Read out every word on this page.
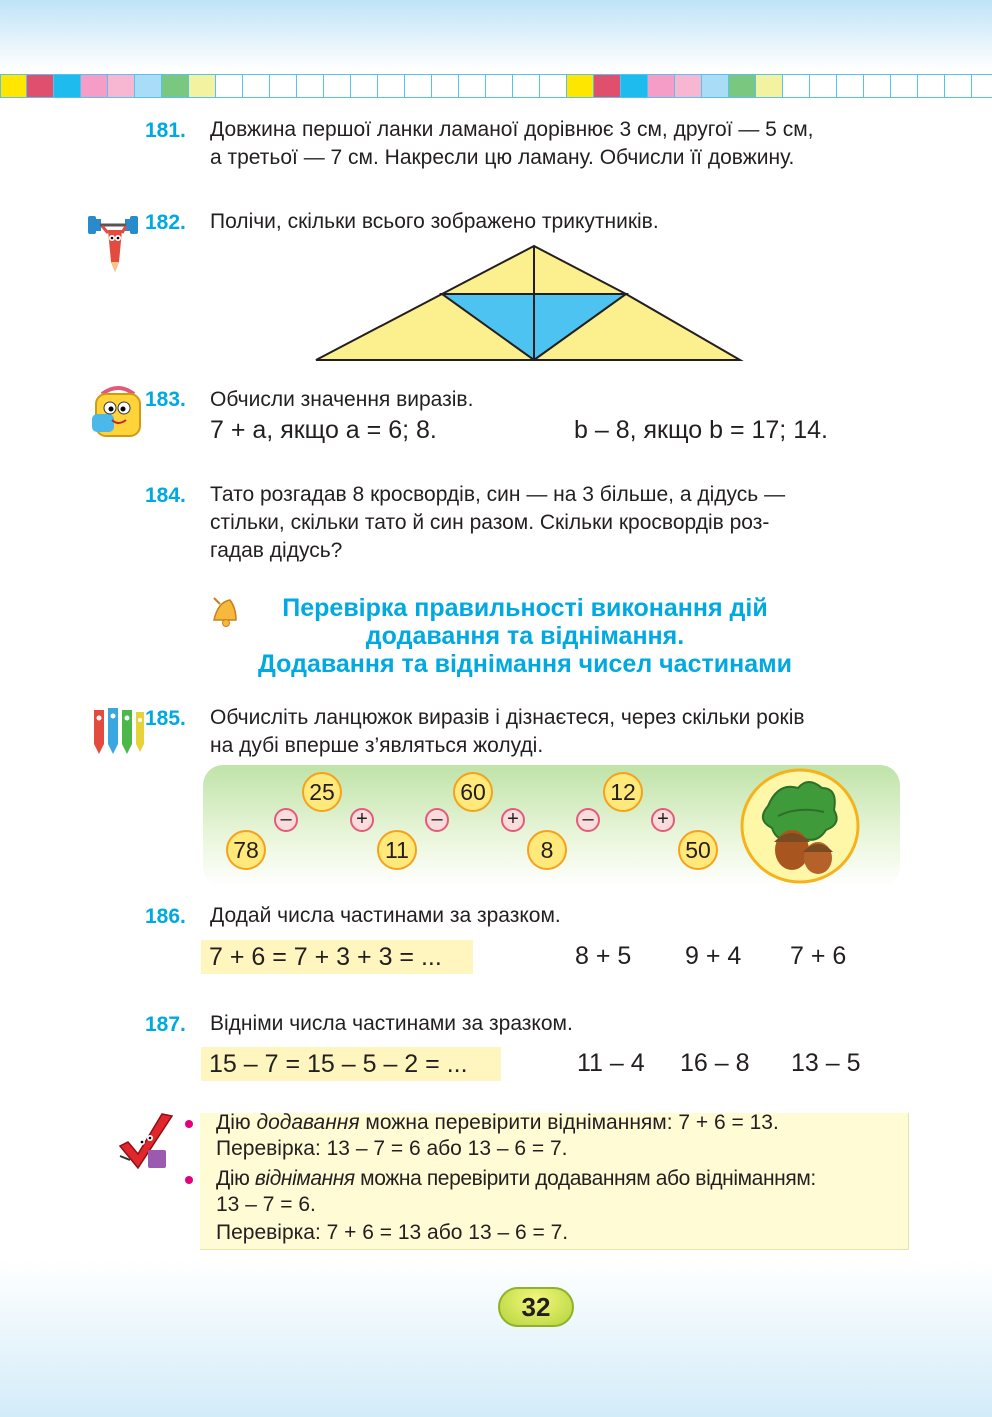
181. Довжина першої ланки ламаної дорівнює 3 см, другої — 5 см,
а третьої — 7 см. Накресли цю ламану. Обчисли її довжину.
182. Полічи, скільки всього зображено трикутників.
183. Обчисли значення виразів.
7 + а, якщо а = 6; 8.	b – 8, якщо b = 17; 14.
184. Тато розгадав 8 кросвордів, син — на 3 більше, а дідусь —
стільки, скільки тато й син разом. Скільки кросвордів роз-
гадав дідусь?
Перевірка правильності виконання дій
додавання та віднімання.
Додавання та віднімання чисел частинами
185. Обчисліть ланцюжок виразів і дізнаєтеся, через скільки років
на дубі вперше з’являться жолуді.
78
25
11
60
8
12
50
–	+	–	+	–	+
186. Додай числа частинами за зразком.
7 + 6 = 7 + 3 + 3 = ...	8 + 5 9 + 4 7 + 6
187. Відніми числа частинами за зразком.
15 – 7 = 15 – 5 – 2 = ...	11 – 4 16 – 8 13 – 5
Дію додавання можна перевірити відніманням: 7 + 6 = 13.
Перевірка: 13 – 7 = 6 або 13 – 6 = 7.
Дію віднімання можна перевірити додаванням або відніманням:
13 – 7 = 6.
Перевірка: 7 + 6 = 13 або 13 – 6 = 7.
32
